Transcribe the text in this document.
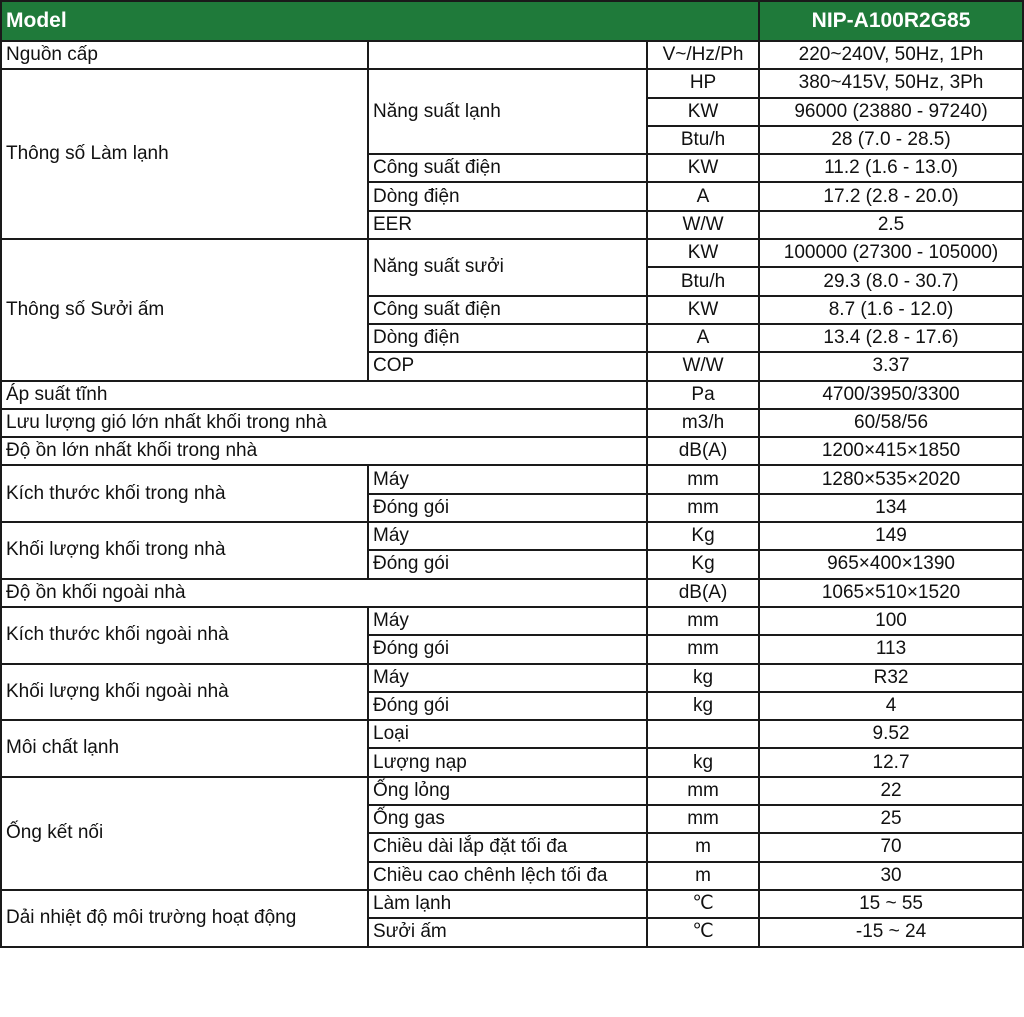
Model			NIP-A100R2G85
Nguồn cấp		V~/Hz/Ph	220~240V, 50Hz, 1Ph
Thông số Làm lạnh	Năng suất lạnh	HP	380~415V, 50Hz, 3Ph
		KW	96000 (23880 - 97240)
		Btu/h	28 (7.0 - 28.5)
	Công suất điện	KW	11.2 (1.6 - 13.0)
	Dòng điện	A	17.2 (2.8 - 20.0)
	EER	W/W	2.5
Thông số Sưởi ấm	Năng suất sưởi	KW	100000 (27300 - 105000)
		Btu/h	29.3 (8.0 - 30.7)
	Công suất điện	KW	8.7 (1.6 - 12.0)
	Dòng điện	A	13.4 (2.8 - 17.6)
	COP	W/W	3.37
Áp suất tĩnh		Pa	4700/3950/3300
Lưu lượng gió lớn nhất khối trong nhà		m3/h	60/58/56
Độ ồn lớn nhất khối trong nhà		dB(A)	1200×415×1850
Kích thước khối trong nhà	Máy	mm	1280×535×2020
	Đóng gói	mm	134
Khối lượng khối trong nhà	Máy	Kg	149
	Đóng gói	Kg	965×400×1390
Độ ồn khối ngoài nhà		dB(A)	1065×510×1520
Kích thước khối ngoài nhà	Máy	mm	100
	Đóng gói	mm	113
Khối lượng khối ngoài nhà	Máy	kg	R32
	Đóng gói	kg	4
Môi chất lạnh	Loại		9.52
	Lượng nạp	kg	12.7
Ống kết nối	Ống lỏng	mm	22
	Ống gas	mm	25
	Chiều dài lắp đặt tối đa	m	70
	Chiều cao chênh lệch tối đa	m	30
Dải nhiệt độ môi trường hoạt động	Làm lạnh	℃	15 ~ 55
	Sưởi ấm	℃	-15 ~ 24
